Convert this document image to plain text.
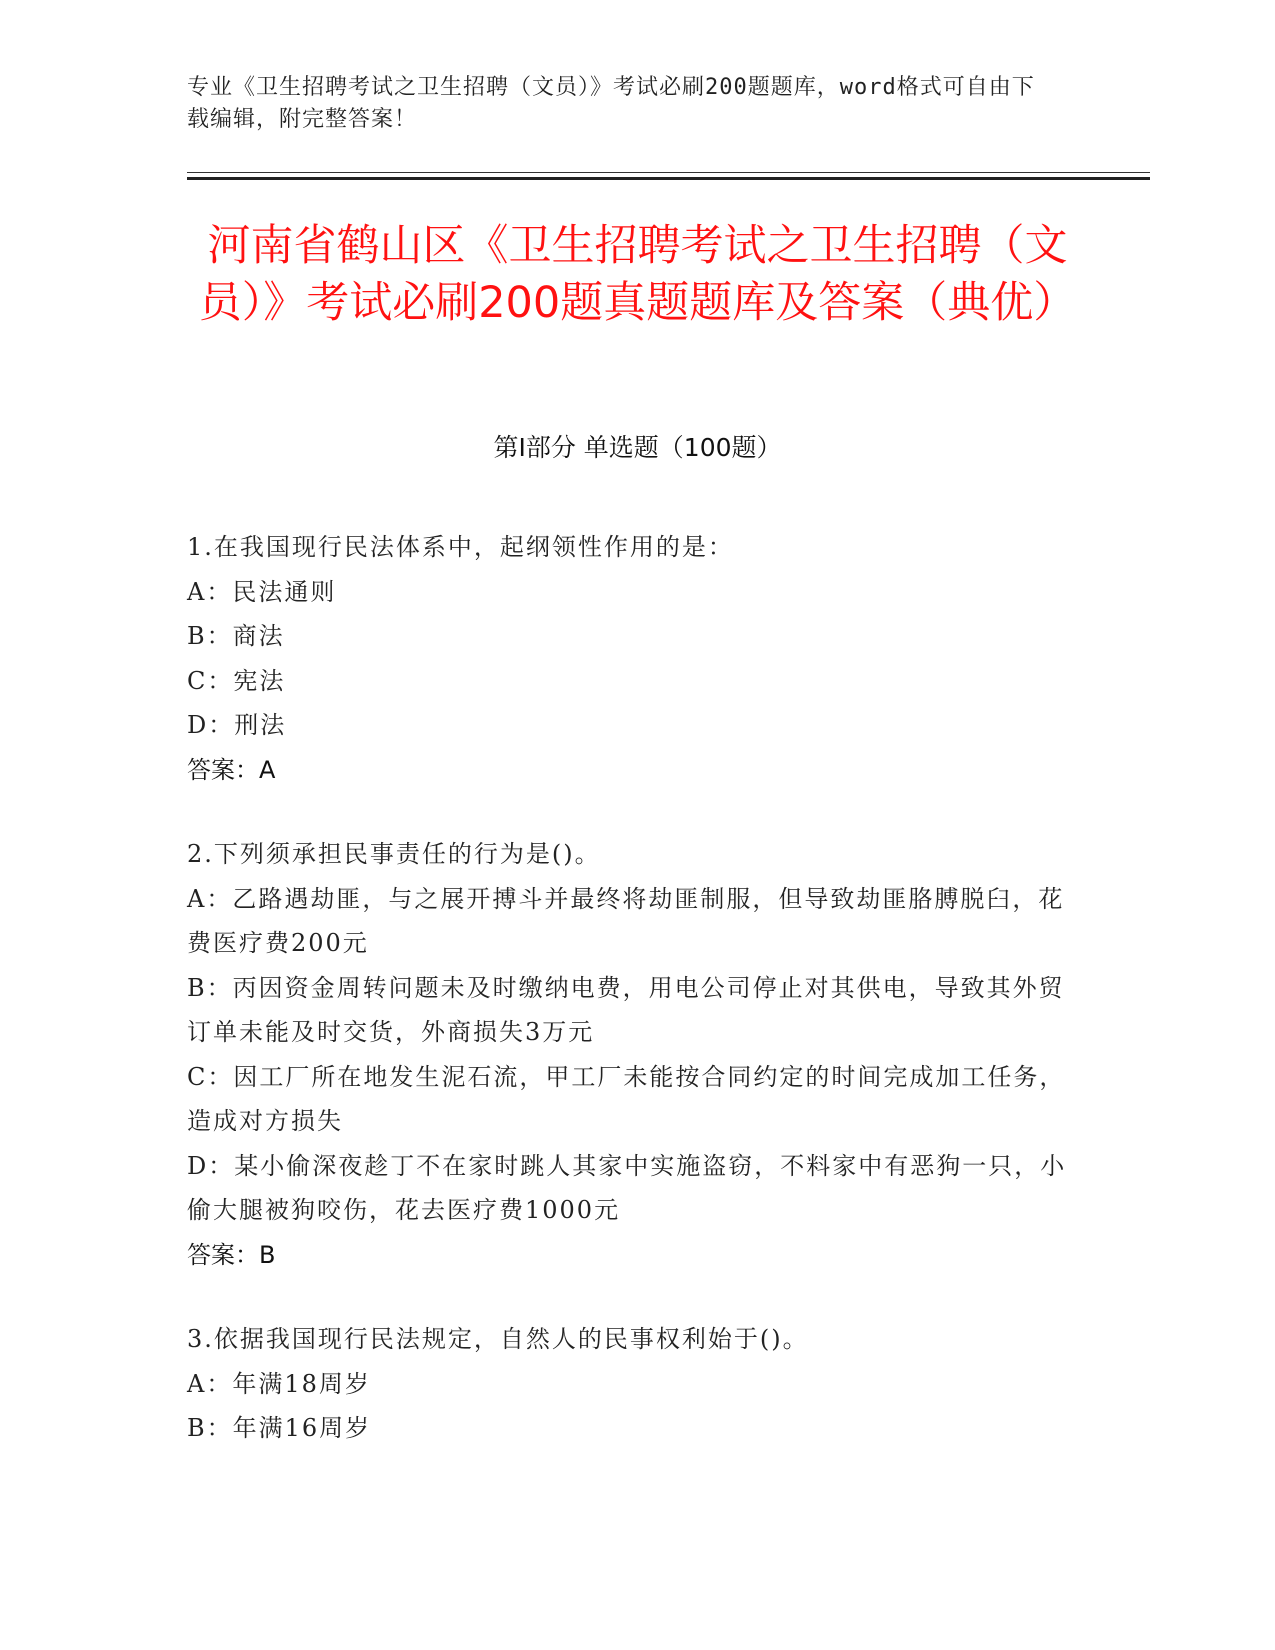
专业《卫生招聘考试之卫生招聘（文员）》考试必刷200题题库，word格式可自由下载编辑，附完整答案！
河南省鹤山区《卫生招聘考试之卫生招聘（文员）》考试必刷200题真题题库及答案（典优）
第I部分 单选题（100题）
1.在我国现行民法体系中，起纲领性作用的是：
A：民法通则
B：商法
C：宪法
D：刑法
答案：A
2.下列须承担民事责任的行为是()。
A：乙路遇劫匪，与之展开搏斗并最终将劫匪制服，但导致劫匪胳膊脱臼，花费医疗费200元
B：丙因资金周转问题未及时缴纳电费，用电公司停止对其供电，导致其外贸订单未能及时交货，外商损失3万元
C：因工厂所在地发生泥石流，甲工厂未能按合同约定的时间完成加工任务，造成对方损失
D：某小偷深夜趁丁不在家时跳人其家中实施盗窃，不料家中有恶狗一只，小偷大腿被狗咬伤，花去医疗费1000元
答案：B
3.依据我国现行民法规定，自然人的民事权利始于()。
A：年满18周岁
B：年满16周岁
